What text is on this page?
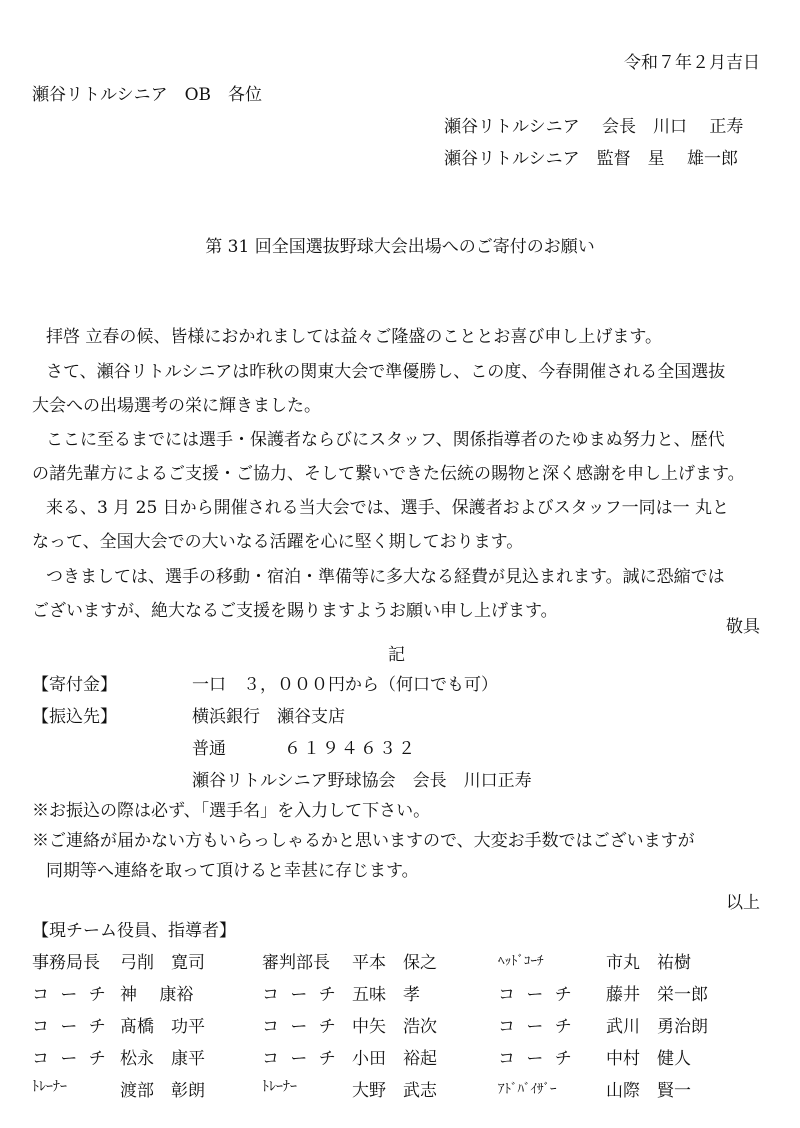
令和７年２月吉日
瀬谷リトルシニア　OB　各位
瀬谷リトルシニア　 会長　川口　 正寿
瀬谷リトルシニア　監督　星　 雄一郎
第 31 回全国選抜野球大会出場へのご寄付のお願い
拝啓 立春の候、皆様におかれましては益々ご隆盛のこととお喜び申し上げます。
さて、瀬谷リトルシニアは昨秋の関東大会で準優勝し、この度、今春開催される全国選抜
大会への出場選考の栄に輝きました。
ここに至るまでには選手・保護者ならびにスタッフ、関係指導者のたゆまぬ努力と、歴代
の諸先輩方によるご支援・ご協力、そして繋いできた伝統の賜物と深く感謝を申し上げます。
来る、3 月 25 日から開催される当大会では、選手、保護者およびスタッフ一同は一 丸と
なって、全国大会での大いなる活躍を心に堅く期しております。
つきましては、選手の移動・宿泊・準備等に多大なる経費が見込まれます。誠に恐縮では
ございますが、絶大なるご支援を賜りますようお願い申し上げます。
敬具
記
【寄付金】	一口　３，０００円から（何口でも可）
【振込先】	横浜銀行　瀬谷支店
普通	６１９４６３２
瀬谷リトルシニア野球協会　会長　川口正寿
※お振込の際は必ず、「選手名」を入力して下さい。
※ご連絡が届かない方もいらっしゃるかと思いますので、大変お手数ではございますが
同期等へ連絡を取って頂けると幸甚に存じます。
以上
【現チーム役員、指導者】
事務局長 弓削　寛司	審判部長 平本　保之	ﾍｯﾄﾞｺｰﾁ	市丸　祐樹
コ ー チ 神　 康裕	コ ー チ 五味　孝	コ ー チ 藤井　栄一郎
コ ー チ 髙橋　功平	コ ー チ 中矢　浩次	コ ー チ 武川　勇治朗
コ ー チ 松永　康平	コ ー チ 小田　裕起	コ ー チ 中村　健人
ﾄﾚｰﾅｰ	渡部　彰朗	ﾄﾚｰﾅｰ	大野　武志	ｱﾄﾞﾊﾞｲｻﾞｰ	山際　賢一
